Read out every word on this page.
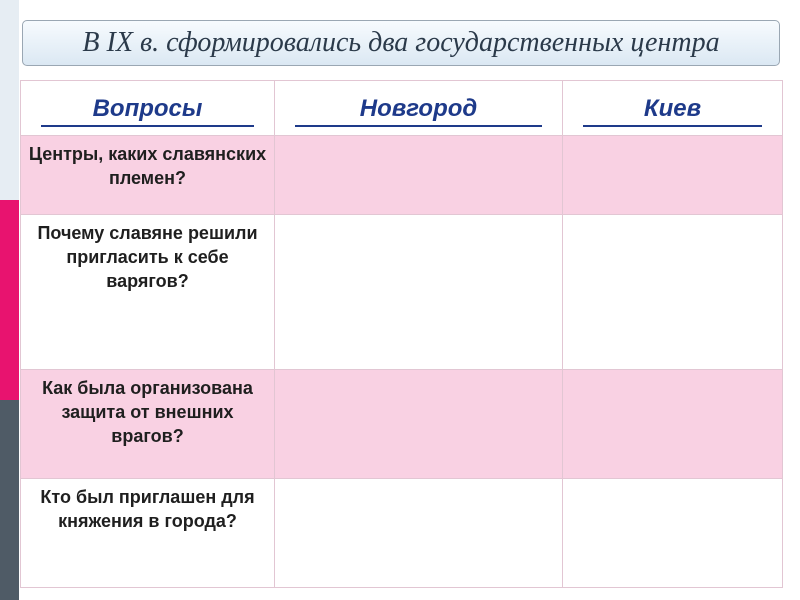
В IX в. сформировались два государственных центра
Вопросы	Новгород	Киев

Центры, каких славянских племен?		

Почему славяне решили пригласить к себе варягов?		

Как была организована защита от внешних врагов?		

Кто был приглашен для княжения в города?		
